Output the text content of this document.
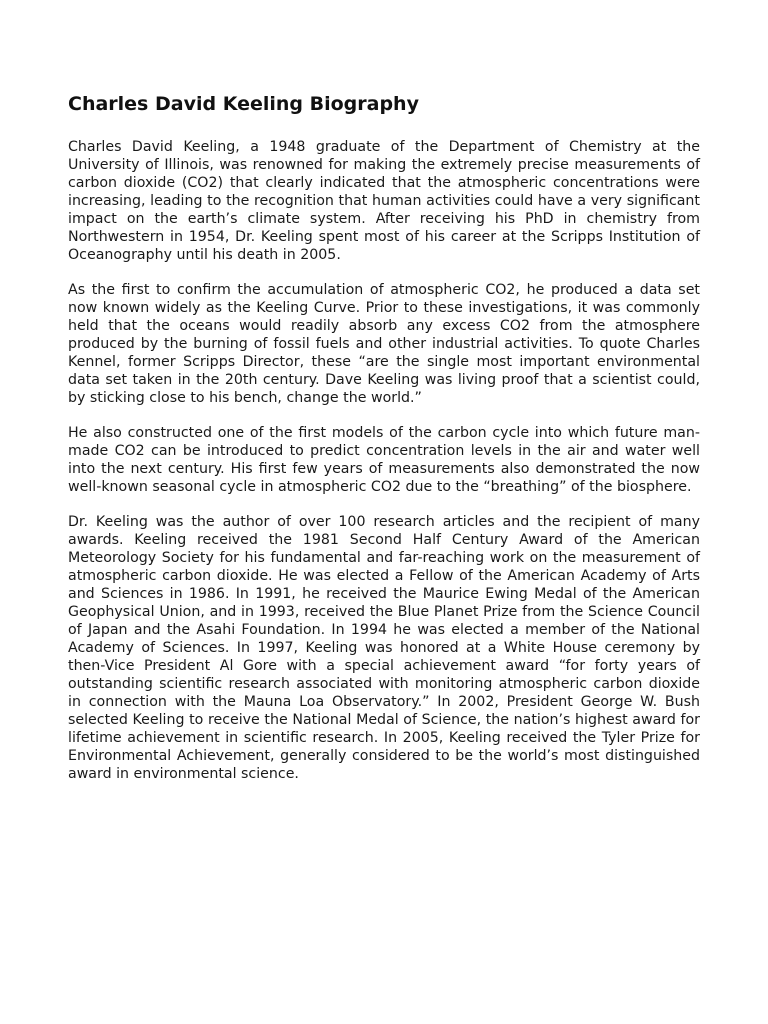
Charles David Keeling Biography

Charles David Keeling, a 1948 graduate of the Department of Chemistry at the University of Illinois, was renowned for making the extremely precise measurements of carbon dioxide (CO2) that clearly indicated that the atmospheric concentrations were increasing, leading to the recognition that human activities could have a very significant impact on the earth’s climate system. After receiving his PhD in chemistry from Northwestern in 1954, Dr. Keeling spent most of his career at the Scripps Institution of Oceanography until his death in 2005.

As the first to confirm the accumulation of atmospheric CO2, he produced a data set now known widely as the Keeling Curve. Prior to these investigations, it was commonly held that the oceans would readily absorb any excess CO2 from the atmosphere produced by the burning of fossil fuels and other industrial activities. To quote Charles Kennel, former Scripps Director, these “are the single most important environmental data set taken in the 20th century. Dave Keeling was living proof that a scientist could, by sticking close to his bench, change the world.”

He also constructed one of the first models of the carbon cycle into which future man-made CO2 can be introduced to predict concentration levels in the air and water well into the next century. His first few years of measurements also demonstrated the now well-known seasonal cycle in atmospheric CO2 due to the “breathing” of the biosphere.

Dr. Keeling was the author of over 100 research articles and the recipient of many awards. Keeling received the 1981 Second Half Century Award of the American Meteorology Society for his fundamental and far-reaching work on the measurement of atmospheric carbon dioxide. He was elected a Fellow of the American Academy of Arts and Sciences in 1986. In 1991, he received the Maurice Ewing Medal of the American Geophysical Union, and in 1993, received the Blue Planet Prize from the Science Council of Japan and the Asahi Foundation. In 1994 he was elected a member of the National Academy of Sciences. In 1997, Keeling was honored at a White House ceremony by then-Vice President Al Gore with a special achievement award “for forty years of outstanding scientific research associated with monitoring atmospheric carbon dioxide in connection with the Mauna Loa Observatory.” In 2002, President George W. Bush selected Keeling to receive the National Medal of Science, the nation’s highest award for lifetime achievement in scientific research. In 2005, Keeling received the Tyler Prize for Environmental Achievement, generally considered to be the world’s most distinguished award in environmental science.
